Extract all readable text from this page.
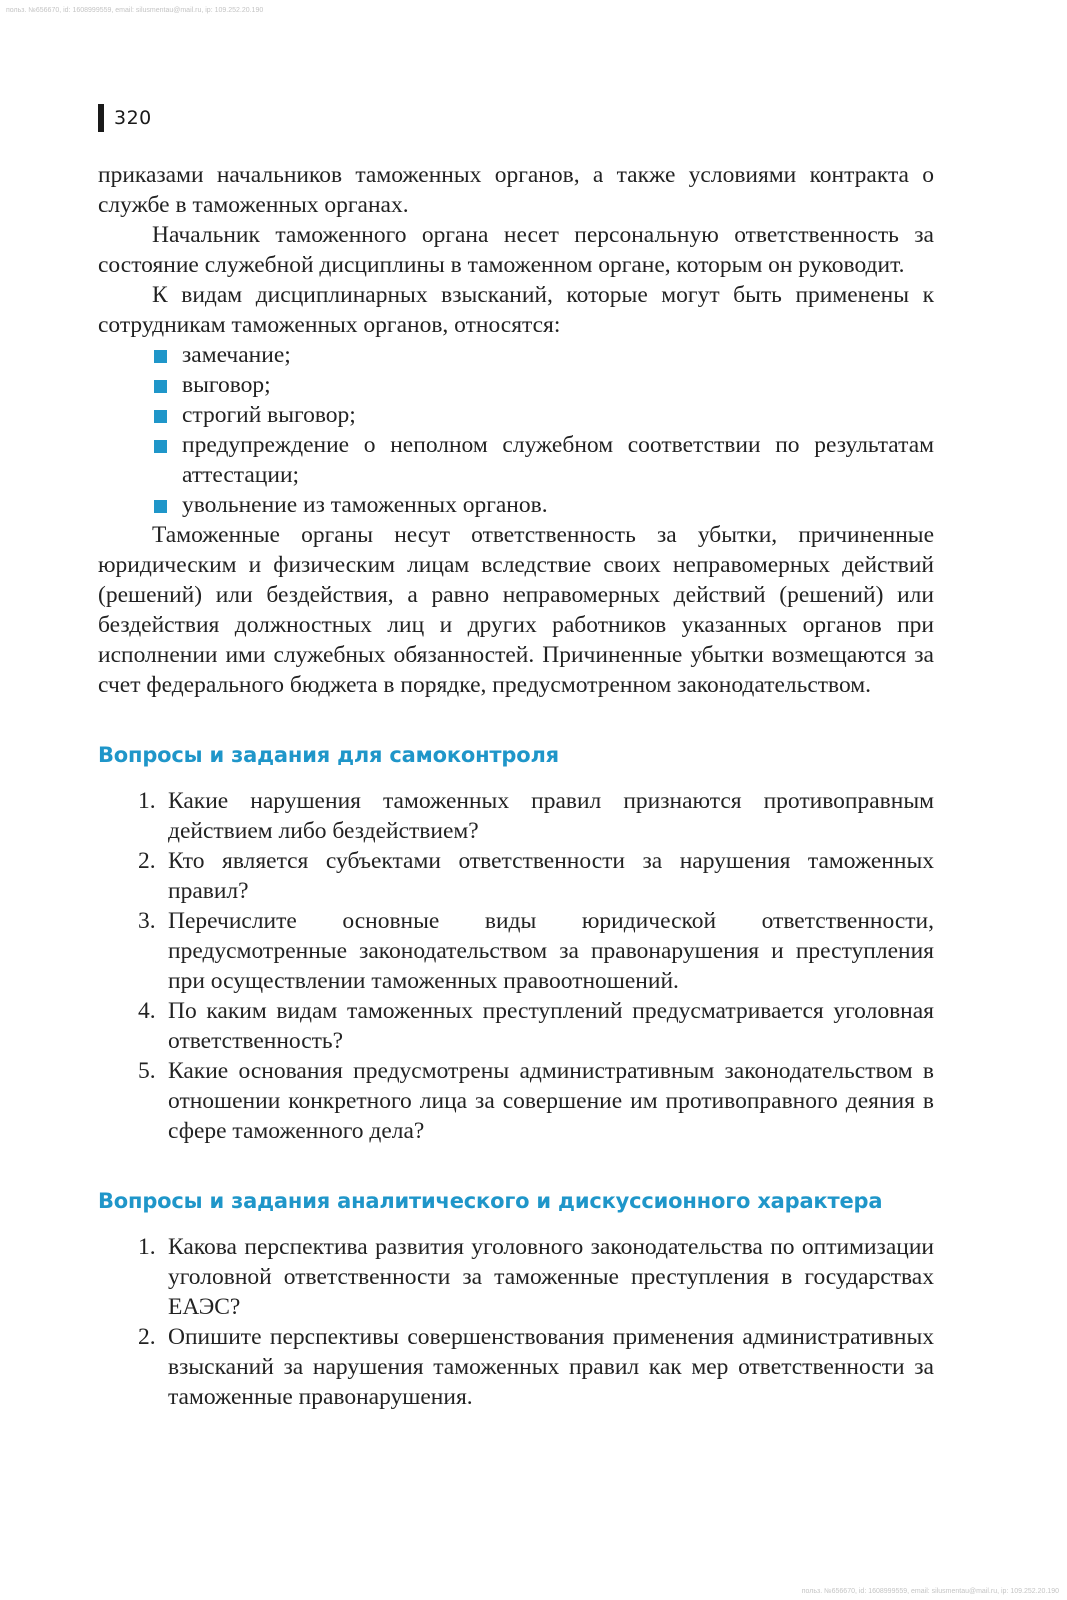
польз. №656670, id: 1608999559, email: silusmentau@mail.ru, ip: 109.252.20.190
320

приказами начальников таможенных органов, а также условиями контракта о службе в таможенных органах.

Начальник таможенного органа несет персональную ответственность за состояние служебной дисциплины в таможенном органе, которым он руководит.

К видам дисциплинарных взысканий, которые могут быть применены к сотрудникам таможенных органов, относятся:

замечание;
выговор;
строгий выговор;
предупреждение о неполном служебном соответствии по результатам аттестации;
увольнение из таможенных органов.

Таможенные органы несут ответственность за убытки, причиненные юридическим и физическим лицам вследствие своих неправомерных действий (решений) или бездействия, а равно неправомерных действий (решений) или бездействия должностных лиц и других работников указанных органов при исполнении ими служебных обязанностей. Причиненные убытки возмещаются за счет федерального бюджета в порядке, предусмотренном законодательством.

Вопросы и задания для самоконтроля
1. Какие нарушения таможенных правил признаются противоправным действием либо бездействием?
2. Кто является субъектами ответственности за нарушения таможенных правил?
3. Перечислите основные виды юридической ответственности, предусмотренные законодательством за правонарушения и преступления при осуществлении таможенных правоотношений.
4. По каким видам таможенных преступлений предусматривается уголовная ответственность?
5. Какие основания предусмотрены административным законодательством в отношении конкретного лица за совершение им противоправного деяния в сфере таможенного дела?
Вопросы и задания аналитического и дискуссионного характера
1. Какова перспектива развития уголовного законодательства по оптимизации уголовной ответственности за таможенные преступления в государствах ЕАЭС?
2. Опишите перспективы совершенствования применения административных взысканий за нарушения таможенных правил как мер ответственности за таможенные правонарушения.
польз. №656670, id: 1608999559, email: silusmentau@mail.ru, ip: 109.252.20.190
